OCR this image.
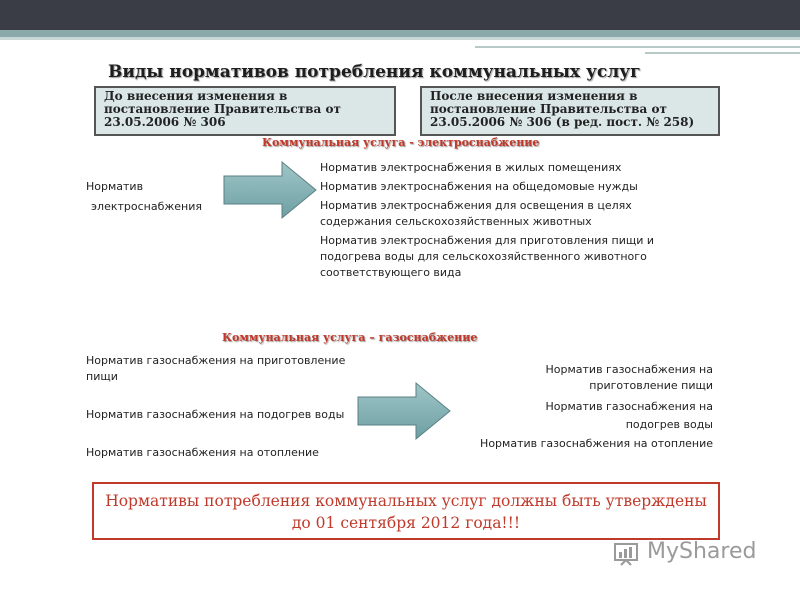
Виды нормативов потребления коммунальных услуг
До внесения изменения в постановление Правительства от 23.05.2006 № 306
После внесения изменения в постановление Правительства от 23.05.2006 № 306 (в ред. пост. № 258)
Коммунальная услуга - электроснабжение
Норматив
электроснабжения
Норматив электроснабжения в жилых помещениях
Норматив электроснабжения на общедомовые нужды
Норматив электроснабжения для освещения в целях содержания сельскохозяйственных животных
Норматив электроснабжения для приготовления пищи и подогрева воды для сельскохозяйственного животного соответствующего вида
Коммунальная услуга – газоснабжение
Норматив газоснабжения на приготовление пищи
Норматив газоснабжения на подогрев воды
Норматив газоснабжения на отопление
Норматив газоснабжения на приготовление пищи
Норматив газоснабжения на подогрев воды
Норматив газоснабжения на отопление
Нормативы потребления коммунальных услуг должны быть утверждены до 01 сентября 2012 года!!!
MyShared
